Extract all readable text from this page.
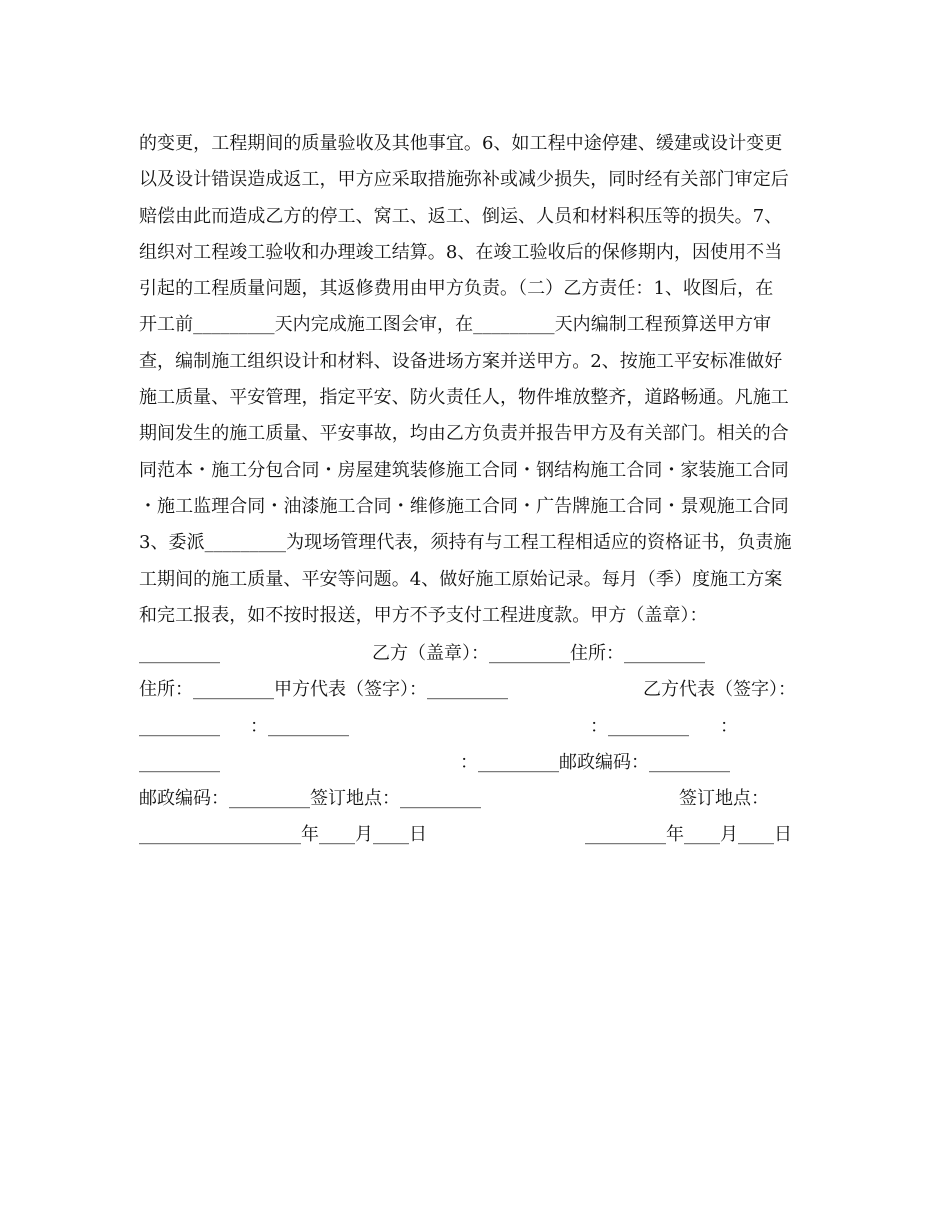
的变更，工程期间的质量验收及其他事宜。6、如工程中途停建、缓建或设计变更
以及设计错误造成返工，甲方应采取措施弥补或减少损失，同时经有关部门审定后
赔偿由此而造成乙方的停工、窝工、返工、倒运、人员和材料积压等的损失。7、
组织对工程竣工验收和办理竣工结算。8、在竣工验收后的保修期内，因使用不当
引起的工程质量问题，其返修费用由甲方负责。（二）乙方责任：1、收图后，在
开工前_________天内完成施工图会审，在_________天内编制工程预算送甲方审
查，编制施工组织设计和材料、设备进场方案并送甲方。2、按施工平安标准做好
施工质量、平安管理，指定平安、防火责任人，物件堆放整齐，道路畅通。凡施工
期间发生的施工质量、平安事故，均由乙方负责并报告甲方及有关部门。相关的合
同范本・施工分包合同・房屋建筑装修施工合同・钢结构施工合同・家装施工合同
・施工监理合同・油漆施工合同・维修施工合同・广告牌施工合同・景观施工合同
3、委派_________为现场管理代表，须持有与工程工程相适应的资格证书，负责施
工期间的施工质量、平安等问题。4、做好施工原始记录。每月（季）度施工方案
和完工报表，如不按时报送，甲方不予支付工程进度款。甲方（盖章）：
_________	乙方（盖章）：_________住所：_________
住所：_________甲方代表（签字）：_________	乙方代表（签字）：
_________ ：_________	：_________ ：
_________	：_________邮政编码：_________
邮政编码：_________签订地点：_________	签订地点：
__________________年____月____日	_________年____月____日
